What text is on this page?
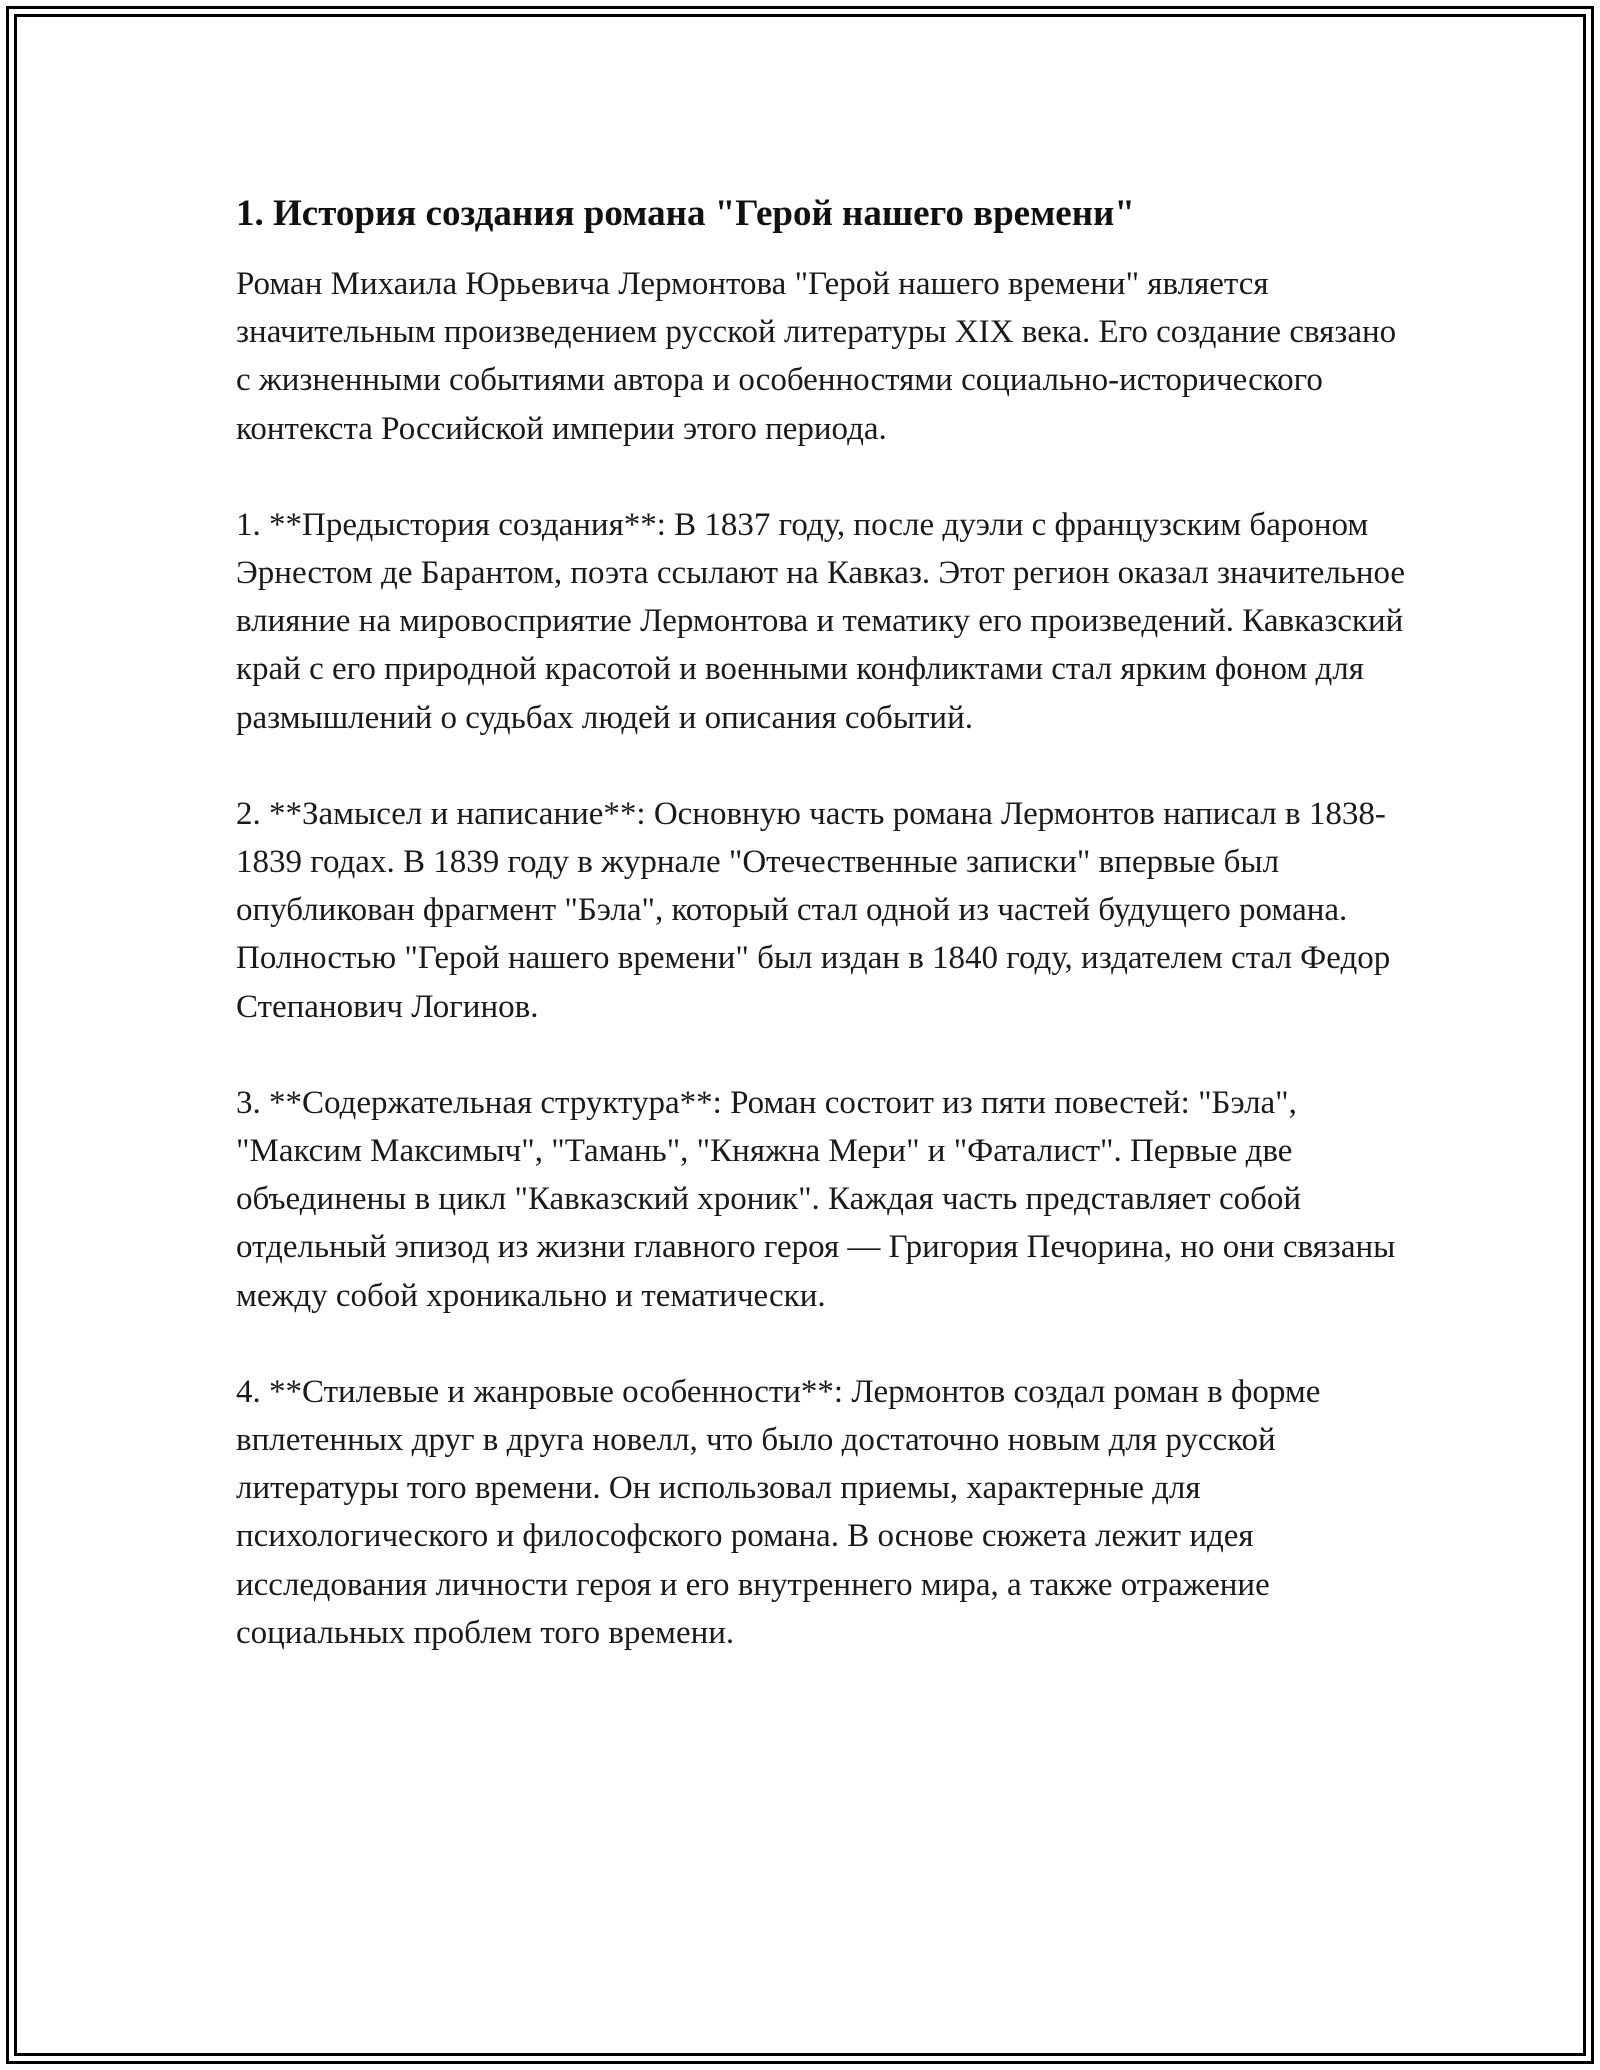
1. История создания романа "Герой нашего времени"

Роман Михаила Юрьевича Лермонтова "Герой нашего времени" является значительным произведением русской литературы XIX века. Его создание связано с жизненными событиями автора и особенностями социально-исторического контекста Российской империи этого периода.

1. **Предыстория создания**: В 1837 году, после дуэли с французским бароном Эрнестом де Барантом, поэта ссылают на Кавказ. Этот регион оказал значительное влияние на мировосприятие Лермонтова и тематику его произведений. Кавказский край с его природной красотой и военными конфликтами стал ярким фоном для размышлений о судьбах людей и описания событий.

2. **Замысел и написание**: Основную часть романа Лермонтов написал в 1838-1839 годах. В 1839 году в журнале "Отечественные записки" впервые был опубликован фрагмент "Бэла", который стал одной из частей будущего романа. Полностью "Герой нашего времени" был издан в 1840 году, издателем стал Федор Степанович Логинов.

3. **Содержательная структура**: Роман состоит из пяти повестей: "Бэла", "Максим Максимыч", "Тамань", "Княжна Мери" и "Фаталист". Первые две объединены в цикл "Кавказский хроник". Каждая часть представляет собой отдельный эпизод из жизни главного героя — Григория Печорина, но они связаны между собой хроникально и тематически.

4. **Стилевые и жанровые особенности**: Лермонтов создал роман в форме вплетенных друг в друга новелл, что было достаточно новым для русской литературы того времени. Он использовал приемы, характерные для психологического и философского романа. В основе сюжета лежит идея исследования личности героя и его внутреннего мира, а также отражение социальных проблем того времени.
